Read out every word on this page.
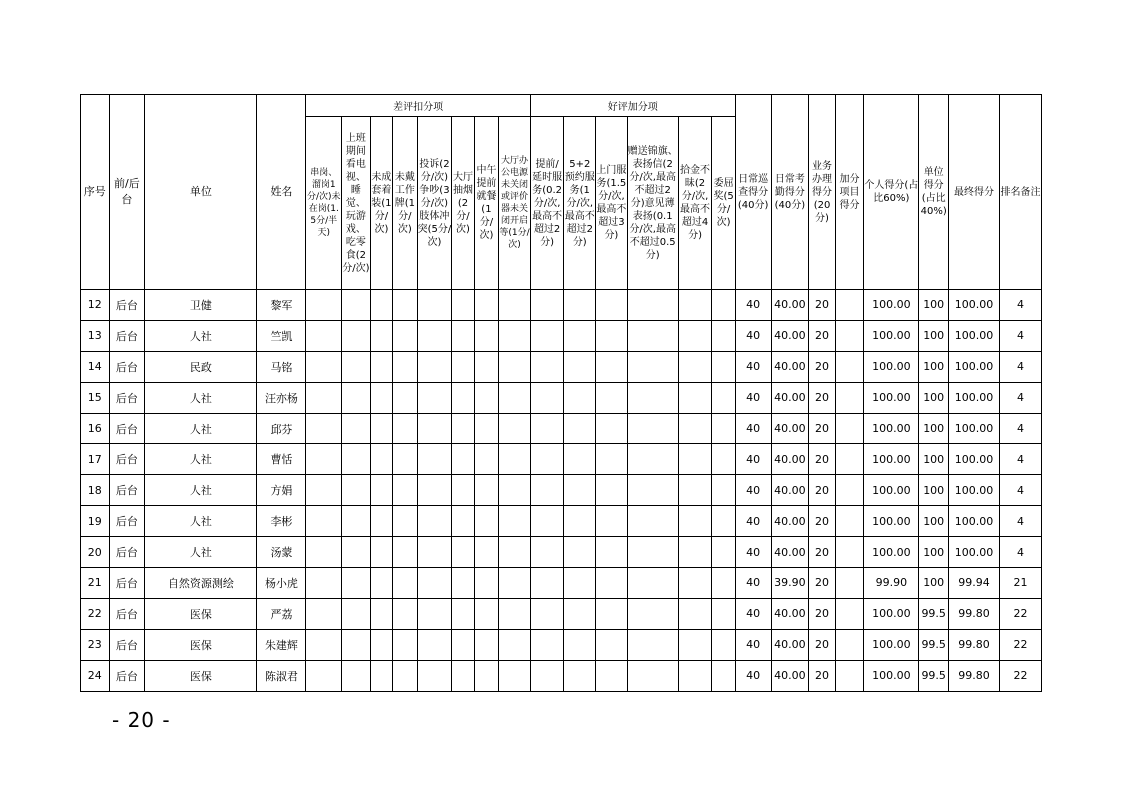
序号	前/后台	单位	姓名	差评扣分项								好评加分项						日常巡查得分(40分)	日常考勤得分(40分)	业务办理得分(20分)	加分项目得分	个人得分(占比60%)	单位得分(占比40%)	最终得分	排名备注
				串岗、溜岗1分/次)未在岗(1.5分/半天)	上班期间看电视、睡觉、玩游戏、吃零食(2分/次)	未成套着装(1分/次)	未戴工作牌(1分/次)	投诉(2分/次)争吵(3分/次)肢体冲突(5分/次)	大厅抽烟(2分/次)	中午提前就餐(1分/次)	大厅办公电源未关闭或评价器未关闭开启等(1分/次)	提前/延时服务(0.2分/次,最高不超过2分)	5+2预约服务(1分/次,最高不超过2分)	上门服务(1.5分/次,最高不超过3分)	赠送锦旗、表扬信(2分/次,最高不超过2分)意见薄表扬(0.1分/次,最高不超过0.5分)	拾金不昧(2分/次,最高不超过4分)	委屈奖(5分/次)								
12	后台	卫健	黎军															40	40.00	20		100.00	100	100.00	4
13	后台	人社	竺凯															40	40.00	20		100.00	100	100.00	4
14	后台	民政	马铭															40	40.00	20		100.00	100	100.00	4
15	后台	人社	汪亦杨															40	40.00	20		100.00	100	100.00	4
16	后台	人社	邱芬															40	40.00	20		100.00	100	100.00	4
17	后台	人社	曹恬															40	40.00	20		100.00	100	100.00	4
18	后台	人社	方娟															40	40.00	20		100.00	100	100.00	4
19	后台	人社	李彬															40	40.00	20		100.00	100	100.00	4
20	后台	人社	汤蒙															40	40.00	20		100.00	100	100.00	4
21	后台	自然资源测绘	杨小虎															40	39.90	20		99.90	100	99.94	21
22	后台	医保	严荔															40	40.00	20		100.00	99.5	99.80	22
23	后台	医保	朱建辉															40	40.00	20		100.00	99.5	99.80	22
24	后台	医保	陈淑君															40	40.00	20		100.00	99.5	99.80	22
- 20 -
